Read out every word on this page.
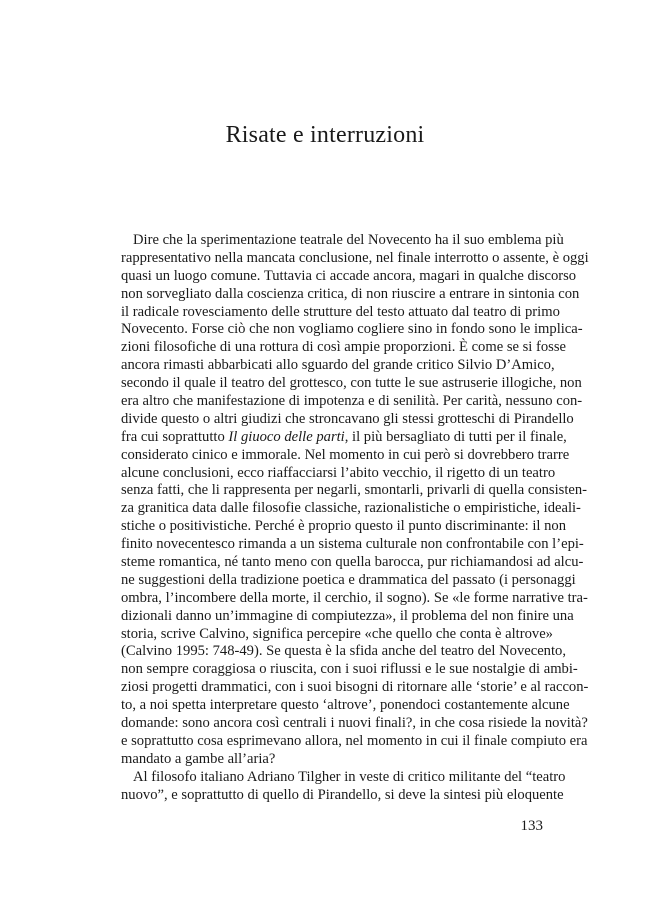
Risate e interruzioni
Dire che la sperimentazione teatrale del Novecento ha il suo emblema più
rappresentativo nella mancata conclusione, nel finale interrotto o assente, è oggi
quasi un luogo comune. Tuttavia ci accade ancora, magari in qualche discorso
non sorvegliato dalla coscienza critica, di non riuscire a entrare in sintonia con
il radicale rovesciamento delle strutture del testo attuato dal teatro di primo
Novecento. Forse ciò che non vogliamo cogliere sino in fondo sono le implica-
zioni filosofiche di una rottura di così ampie proporzioni. È come se si fosse
ancora rimasti abbarbicati allo sguardo del grande critico Silvio D’Amico,
secondo il quale il teatro del grottesco, con tutte le sue astruserie illogiche, non
era altro che manifestazione di impotenza e di senilità. Per carità, nessuno con-
divide questo o altri giudizi che stroncavano gli stessi grotteschi di Pirandello
fra cui soprattutto Il giuoco delle parti, il più bersagliato di tutti per il finale,
considerato cinico e immorale. Nel momento in cui però si dovrebbero trarre
alcune conclusioni, ecco riaffacciarsi l’abito vecchio, il rigetto di un teatro
senza fatti, che li rappresenta per negarli, smontarli, privarli di quella consisten-
za granitica data dalle filosofie classiche, razionalistiche o empiristiche, ideali-
stiche o positivistiche. Perché è proprio questo il punto discriminante: il non
finito novecentesco rimanda a un sistema culturale non confrontabile con l’epi-
steme romantica, né tanto meno con quella barocca, pur richiamandosi ad alcu-
ne suggestioni della tradizione poetica e drammatica del passato (i personaggi
ombra, l’incombere della morte, il cerchio, il sogno). Se «le forme narrative tra-
dizionali danno un’immagine di compiutezza», il problema del non finire una
storia, scrive Calvino, significa percepire «che quello che conta è altrove»
(Calvino 1995: 748-49). Se questa è la sfida anche del teatro del Novecento,
non sempre coraggiosa o riuscita, con i suoi riflussi e le sue nostalgie di ambi-
ziosi progetti drammatici, con i suoi bisogni di ritornare alle ‘storie’ e al raccon-
to, a noi spetta interpretare questo ‘altrove’, ponendoci costantemente alcune
domande: sono ancora così centrali i nuovi finali?, in che cosa risiede la novità?
e soprattutto cosa esprimevano allora, nel momento in cui il finale compiuto era
mandato a gambe all’aria?
Al filosofo italiano Adriano Tilgher in veste di critico militante del “teatro
nuovo”, e soprattutto di quello di Pirandello, si deve la sintesi più eloquente
133
